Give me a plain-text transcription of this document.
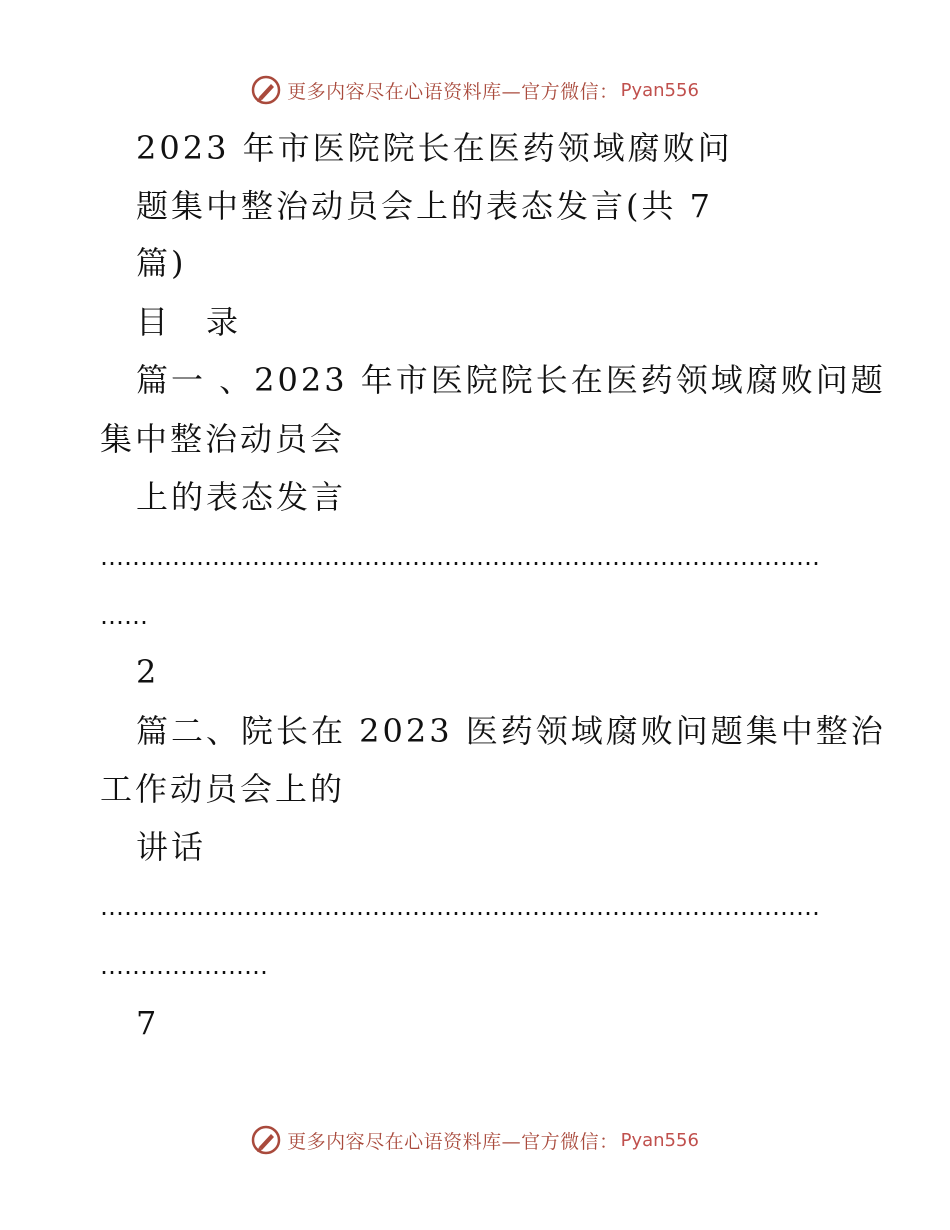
更多内容尽在心语资料库—官方微信： Pyan556
2023 年市医院院长在医药领域腐败问
题集中整治动员会上的表态发言(共 7
篇)
目　录
篇一 、2023 年市医院院长在医药领域腐败问题
集中整治动员会
上的表态发言
………………………………………………………………………………
……
2
篇二、院长在 2023 医药领域腐败问题集中整治
工作动员会上的
讲话
………………………………………………………………………………
…………………
7
更多内容尽在心语资料库—官方微信： Pyan556
